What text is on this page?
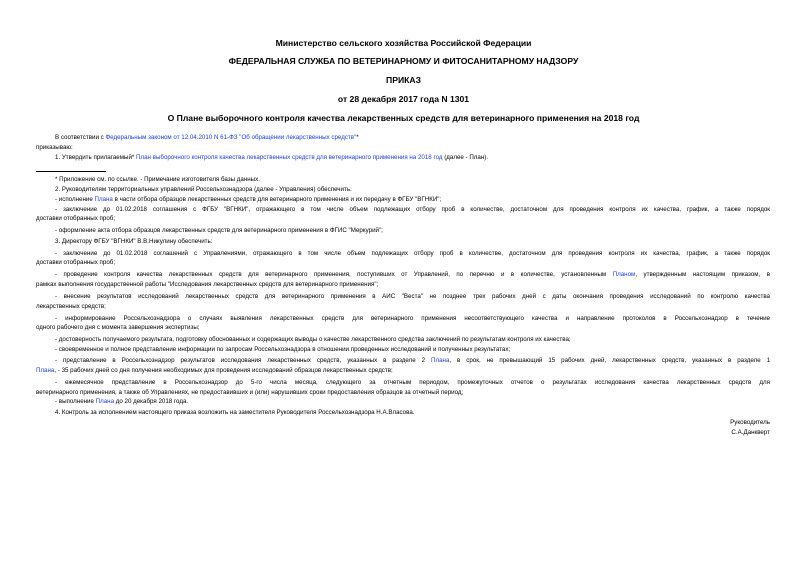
Министерство сельского хозяйства Российской Федерации
ФЕДЕРАЛЬНАЯ СЛУЖБА ПО ВЕТЕРИНАРНОМУ И ФИТОСАНИТАРНОМУ НАДЗОРУ
ПРИКАЗ
от 28 декабря 2017 года N 1301
О Плане выборочного контроля качества лекарственных средств для ветеринарного применения на 2018 год
В соответствии с Федеральным законом от 12.04.2010 N 61-ФЗ "Об обращении лекарственных средств"*
приказываю:
1. Утвердить прилагаемый* План выборочного контроля качества лекарственных средств для ветеринарного применения на 2018 год (далее - План).
* Приложение см. по ссылке. - Примечание изготовителя базы данных.
2. Руководителям территориальных управлений Россельхознадзора (далее - Управления) обеспечить:
- исполнение Плана в части отбора образцов лекарственных средств для ветеринарного применения и их передачу в ФГБУ "ВГНКИ";
- заключение до 01.02.2018 соглашения с ФГБУ "ВГНКИ", отражающего в том числе объем подлежащих отбору проб в количестве, достаточном для проведения контроля их качества, график, а также порядок
доставки отобранных проб;
- оформление акта отбора образцов лекарственных средств для ветеринарного применения в ФГИС "Меркурий";
3. Директору ФГБУ "ВГНКИ" В.В.Никулину обеспечить:
- заключение до 01.02.2018 соглашений с Управлениями, отражающего в том числе объем подлежащих отбору проб в количестве, достаточном для проведения контроля их качества, график, а также порядок
доставки отобранных проб;
- проведение контроля качества лекарственных средств для ветеринарного применения, поступивших от Управлений, по перечню и в количестве, установленным Планом, утвержденным настоящим приказом, в
рамках выполнения государственной работы "Исследования лекарственных средств для ветеринарного применения";
- внесение результатов исследований лекарственных средств для ветеринарного применения в АИС "Веста" не позднее трех рабочих дней с даты окончания проведения исследований по контролю качества
лекарственных средств;
- информирование Россельхознадзора о случаях выявления лекарственных средств для ветеринарного применения несоответствующего качества и направление протоколов в Россельхознадзор в течение
одного рабочего дня с момента завершения экспертизы;
- достоверность получаемого результата, подготовку обоснованных и содержащих выводы о качестве лекарственного средства заключений по результатам контроля их качества;
- своевременное и полное представление информации по запросам Россельхознадзора в отношении проведенных исследований и полученных результатах;
- представление в Россельхознадзор результатов исследования лекарственных средств, указанных в разделе 2 Плана, в срок, не превышающий 15 рабочих дней, лекарственных средств, указанных в разделе 1
Плана, - 35 рабочих дней со дня получения необходимых для проведения исследований образцов лекарственных средств;
- ежемесячное представление в Россельхознадзор до 5-го числа месяца, следующего за отчетным периодом, промежуточных отчетов о результатах исследования качества лекарственных средств для
ветеринарного применения, а также об Управлениях, не предоставивших и (или) нарушивших сроки предоставления образцов за отчетный период;
- выполнение Плана до 20 декабря 2018 года.
4. Контроль за исполнением настоящего приказа возложить на заместителя Руководителя Россельхознадзора Н.А.Власова.
Руководитель
С.А.Данкверт
